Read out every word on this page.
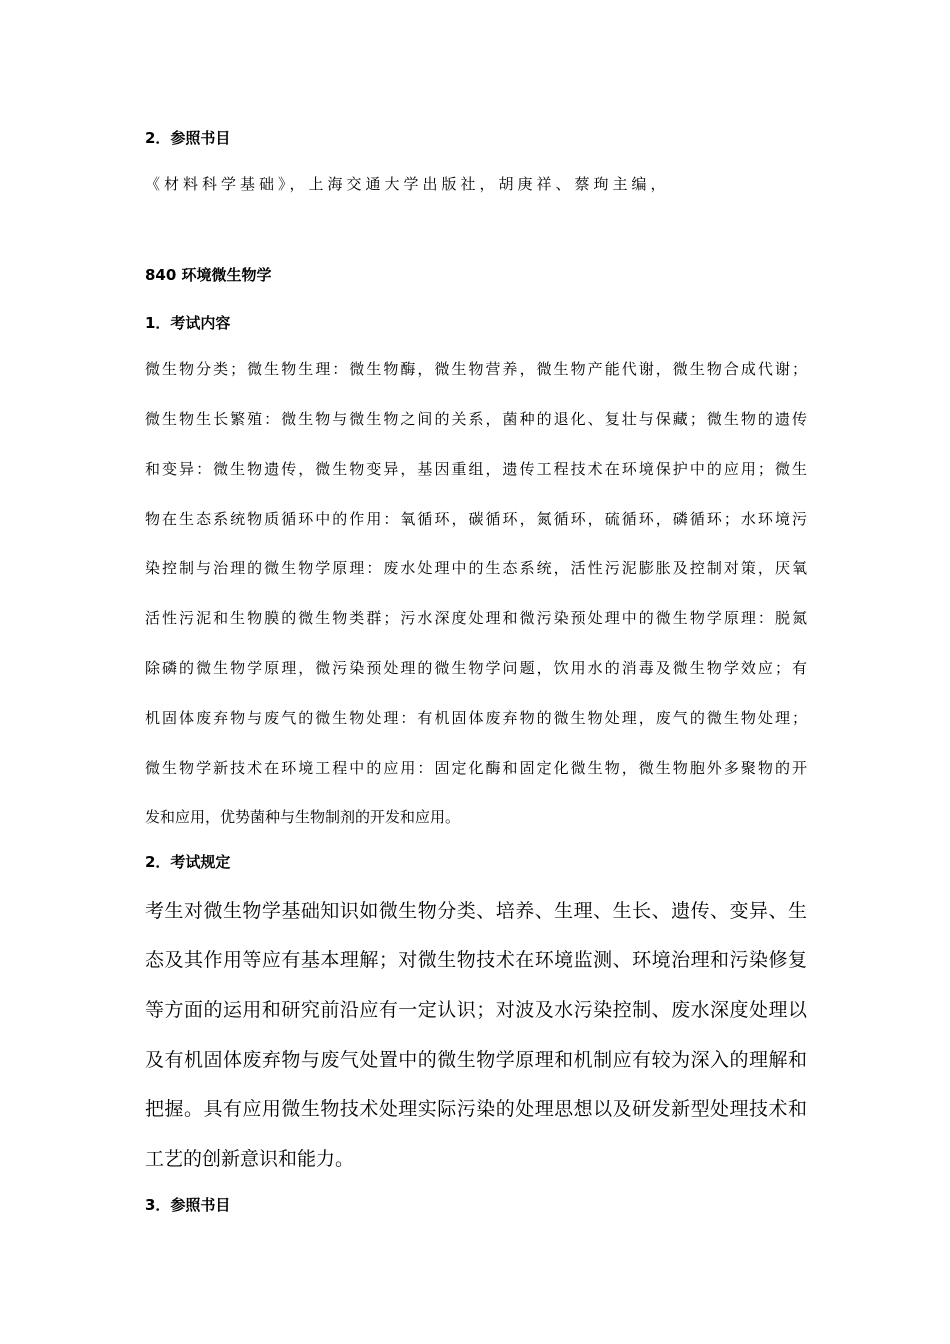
2．参照书目
《材料科学基础》，上海交通大学出版社，胡庚祥、蔡珣主编，
840 环境微生物学
1．考试内容
微生物分类；微生物生理：微生物酶，微生物营养，微生物产能代谢，微生物合成代谢；
微生物生长繁殖：微生物与微生物之间的关系，菌种的退化、复壮与保藏；微生物的遗传
和变异：微生物遗传，微生物变异，基因重组，遗传工程技术在环境保护中的应用；微生
物在生态系统物质循环中的作用：氧循环，碳循环，氮循环，硫循环，磷循环；水环境污
染控制与治理的微生物学原理：废水处理中的生态系统，活性污泥膨胀及控制对策，厌氧
活性污泥和生物膜的微生物类群；污水深度处理和微污染预处理中的微生物学原理：脱氮
除磷的微生物学原理，微污染预处理的微生物学问题，饮用水的消毒及微生物学效应；有
机固体废弃物与废气的微生物处理：有机固体废弃物的微生物处理，废气的微生物处理；
微生物学新技术在环境工程中的应用：固定化酶和固定化微生物，微生物胞外多聚物的开
发和应用，优势菌种与生物制剂的开发和应用。
2．考试规定
考生对微生物学基础知识如微生物分类、培养、生理、生长、遗传、变异、生
态及其作用等应有基本理解；对微生物技术在环境监测、环境治理和污染修复
等方面的运用和研究前沿应有一定认识；对波及水污染控制、废水深度处理以
及有机固体废弃物与废气处置中的微生物学原理和机制应有较为深入的理解和
把握。具有应用微生物技术处理实际污染的处理思想以及研发新型处理技术和
工艺的创新意识和能力。
3．参照书目
